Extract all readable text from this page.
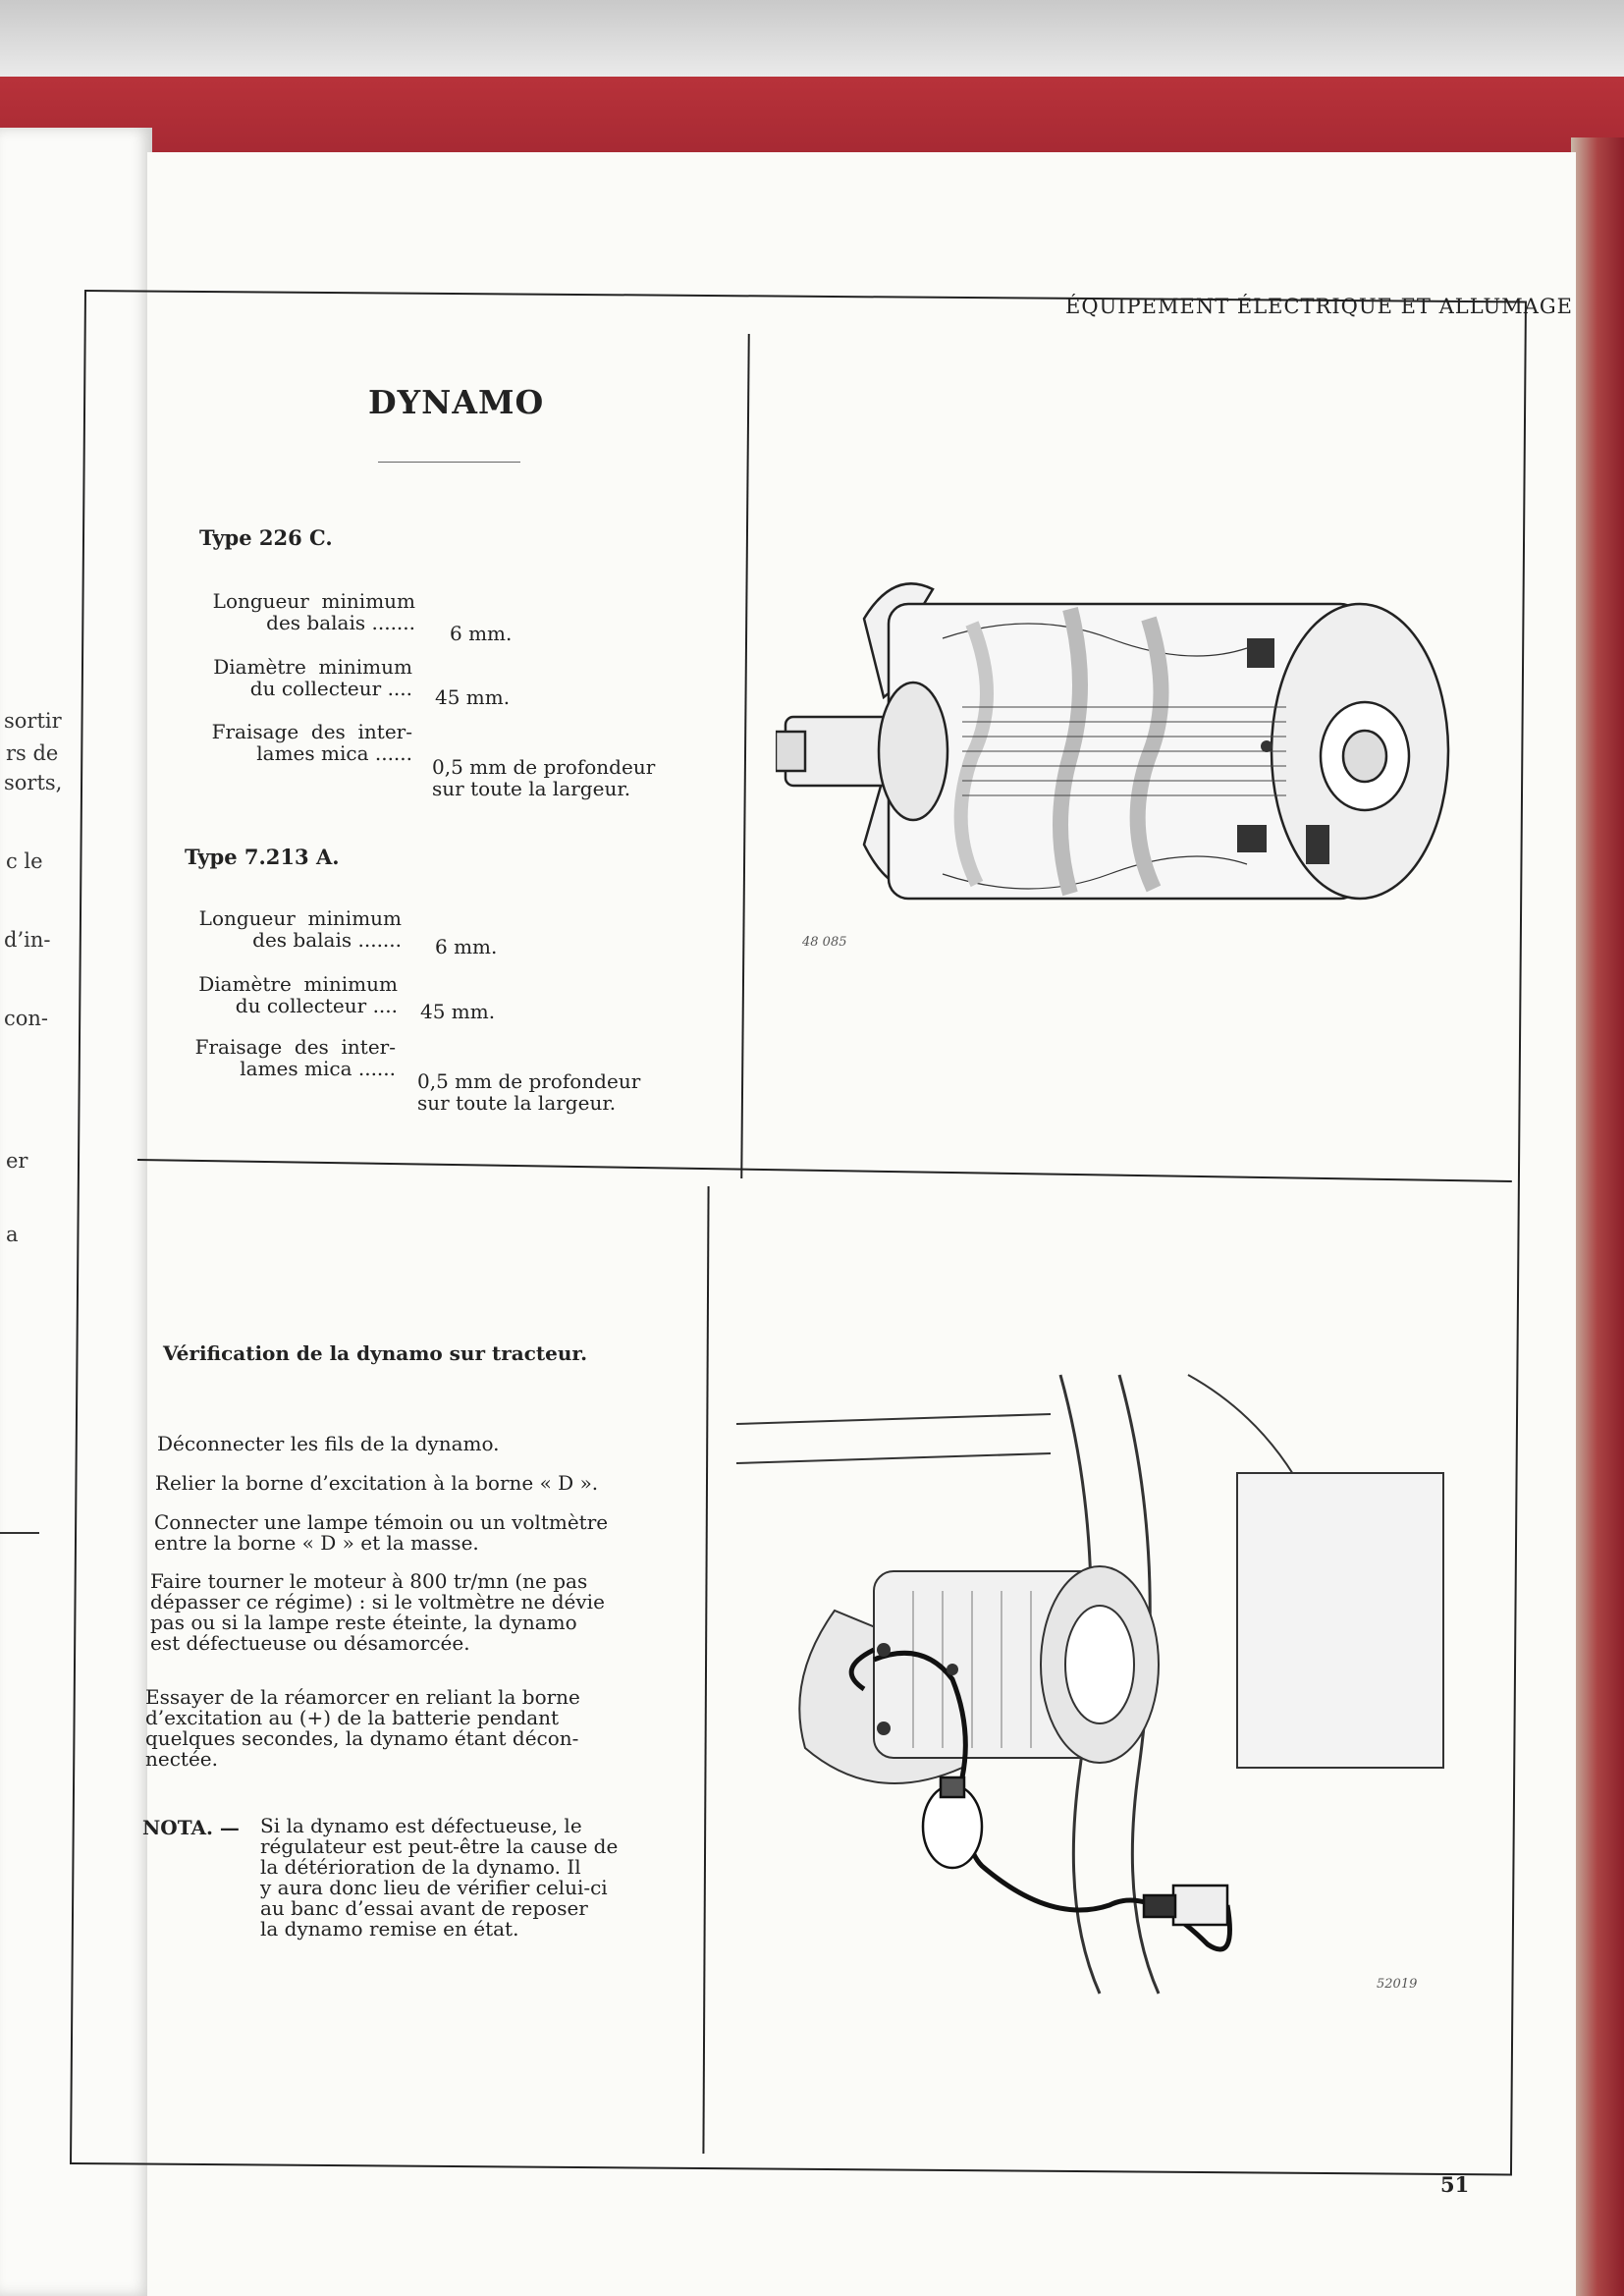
sortir
rs de
sorts,
c le
d’in-
con-
er
a
ÉQUIPEMENT ÉLECTRIQUE ET ALLUMAGE
DYNAMO
Type 226 C.
Longueur  minimum
des balais ....... 6 mm.
Diamètre  minimum
du collecteur .... 45 mm.
Fraisage  des  inter-
lames mica ......
0,5 mm de profondeur
sur toute la largeur.
Type 7.213 A.
Longueur  minimum
des balais ....... 6 mm.
Diamètre  minimum
du collecteur .... 45 mm.
Fraisage  des  inter-
lames mica ......
0,5 mm de profondeur
sur toute la largeur.
48 085
Vérification de la dynamo sur tracteur.
Déconnecter les fils de la dynamo.
Relier la borne d’excitation à la borne « D ».
Connecter une lampe témoin ou un voltmètre
entre la borne « D » et la masse.
Faire tourner le moteur à 800 tr/mn (ne pas
dépasser ce régime) : si le voltmètre ne dévie
pas ou si la lampe reste éteinte, la dynamo
est défectueuse ou désamorcée.
Essayer de la réamorcer en reliant la borne
d’excitation au (+) de la batterie pendant
quelques secondes, la dynamo étant décon-
nectée.
NOTA. — Si la dynamo est défectueuse, le
régulateur est peut-être la cause de
la détérioration de la dynamo. Il
y aura donc lieu de vérifier celui-ci
au banc d’essai avant de reposer
la dynamo remise en état.
52019
51
